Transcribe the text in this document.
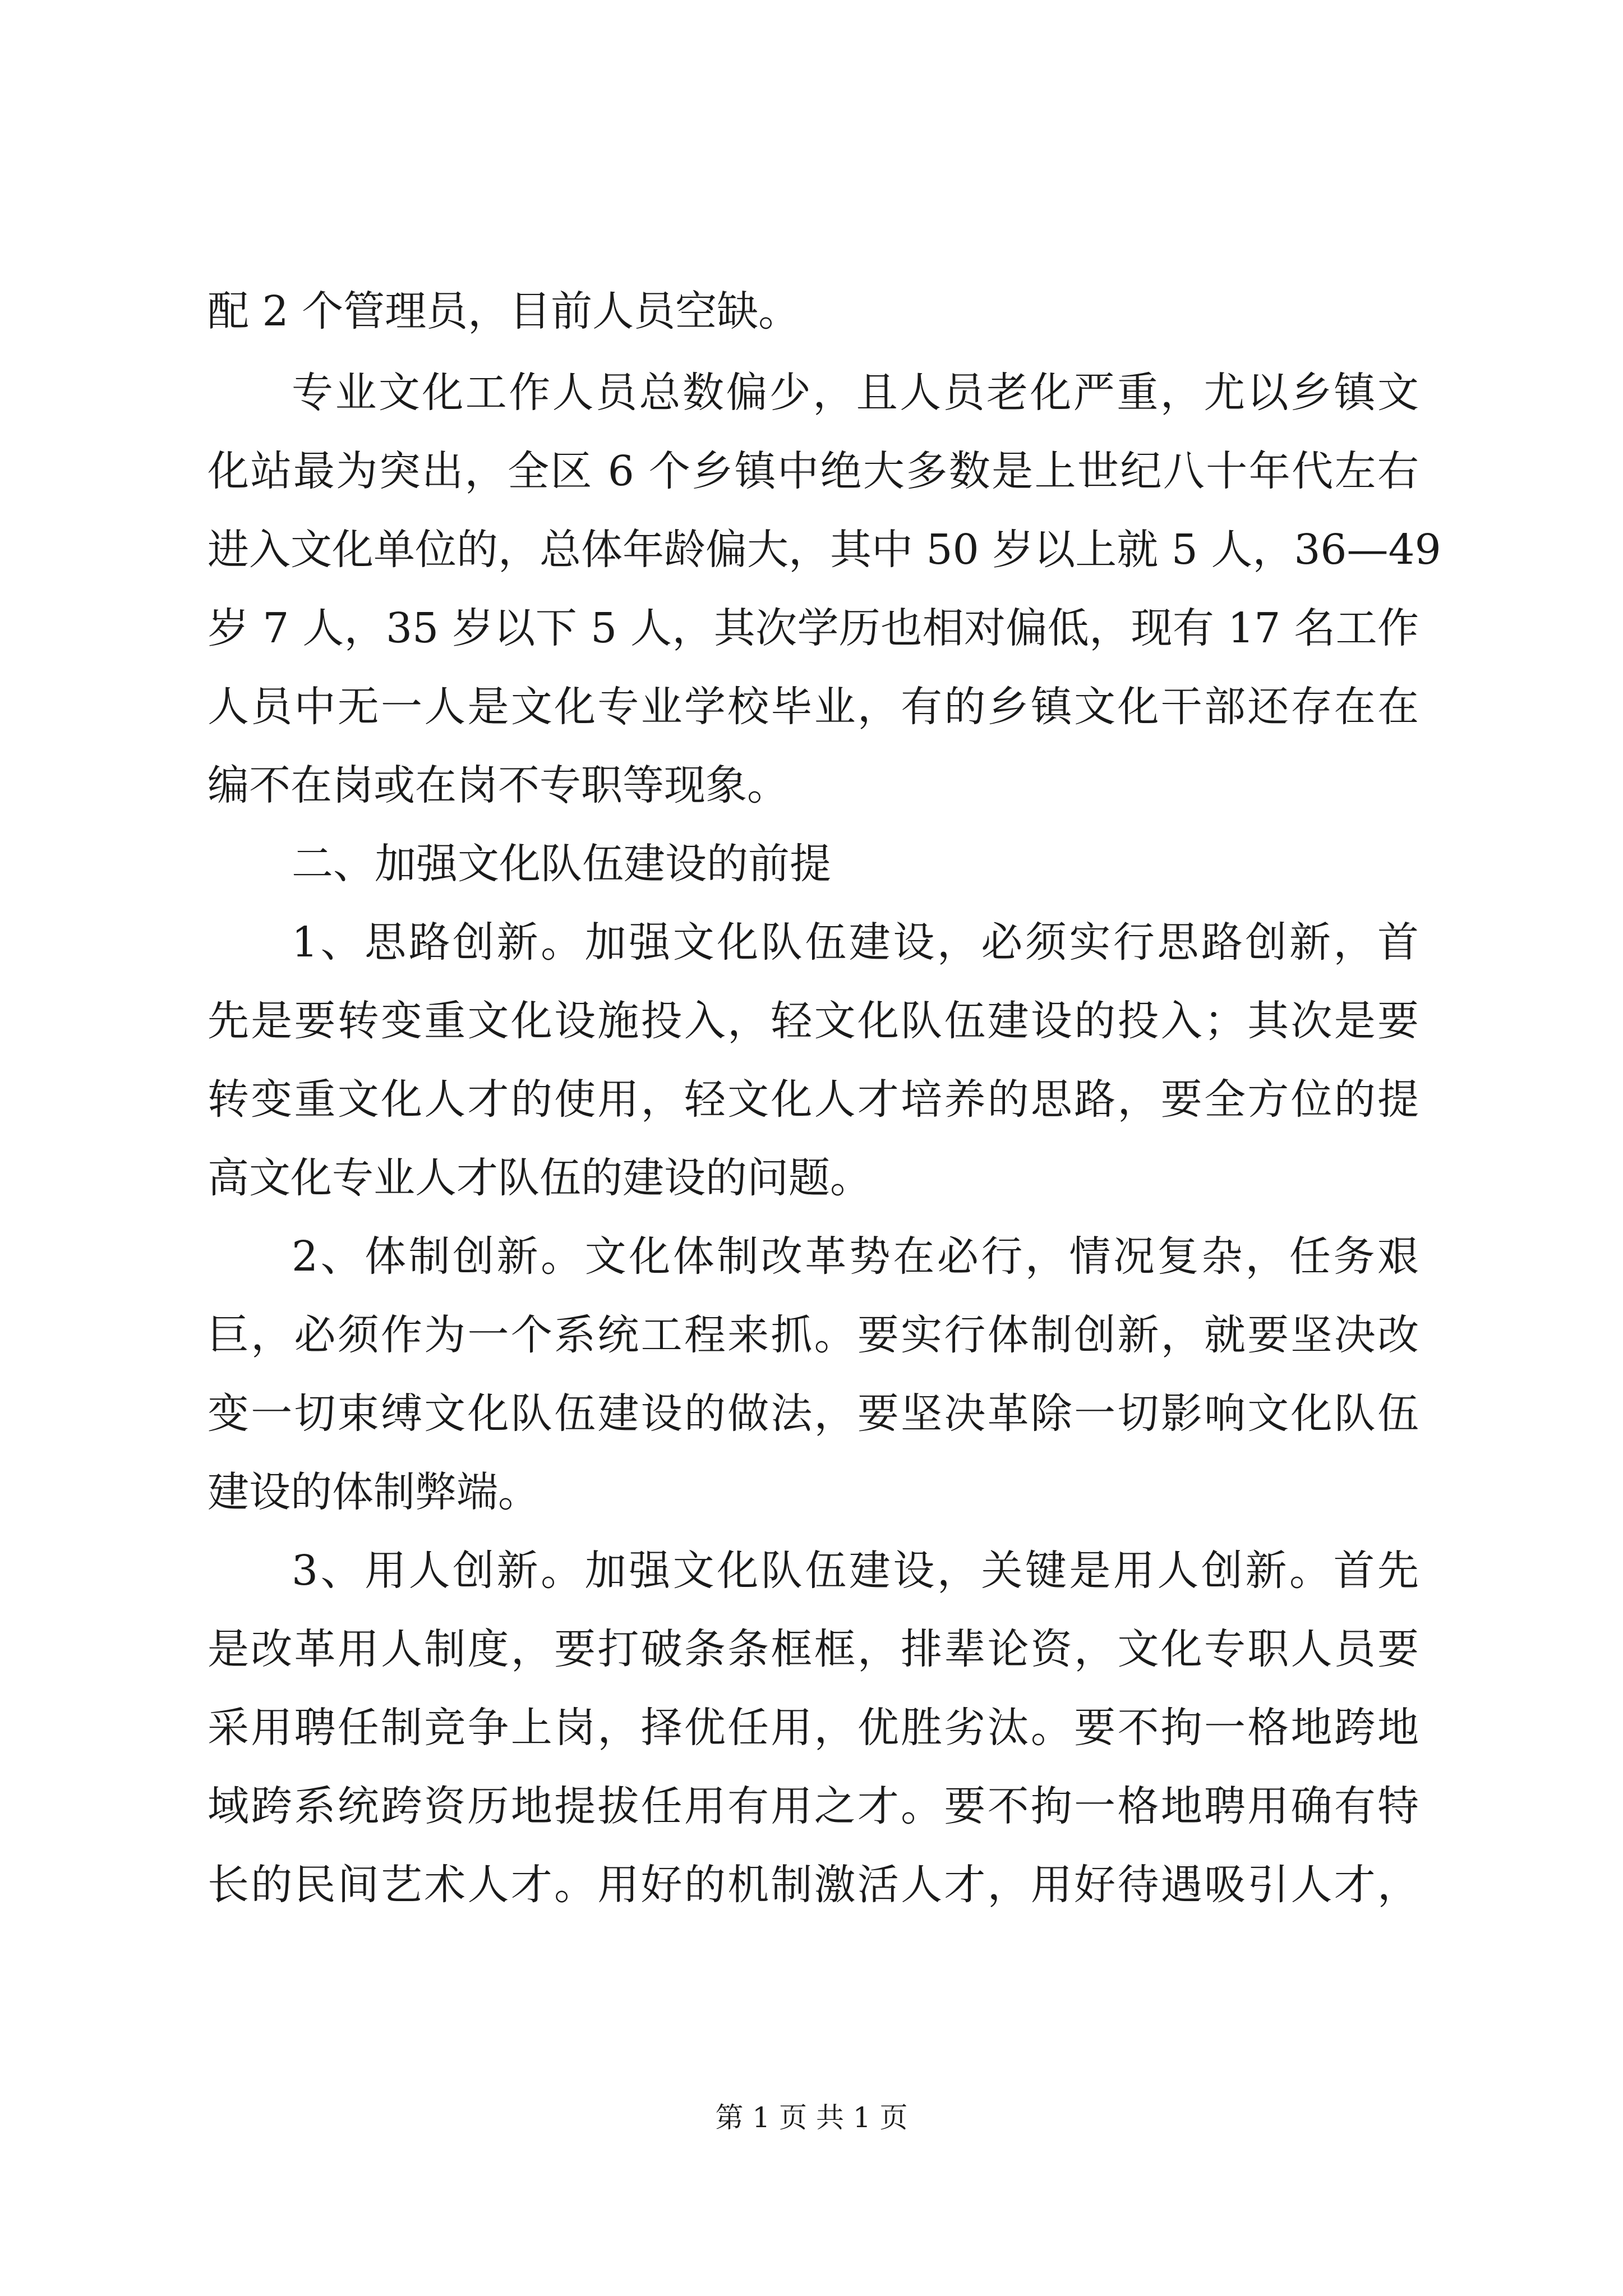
配 2 个管理员，目前人员空缺。
专业文化工作人员总数偏少，且人员老化严重，尤以乡镇文
化站最为突出，全区 6 个乡镇中绝大多数是上世纪八十年代左右
进入文化单位的，总体年龄偏大，其中 50 岁以上就 5 人，36—49
岁 7 人，35 岁以下 5 人，其次学历也相对偏低，现有 17 名工作
人员中无一人是文化专业学校毕业，有的乡镇文化干部还存在在
编不在岗或在岗不专职等现象。
二、加强文化队伍建设的前提
1、思路创新。加强文化队伍建设，必须实行思路创新，首
先是要转变重文化设施投入，轻文化队伍建设的投入；其次是要
转变重文化人才的使用，轻文化人才培养的思路，要全方位的提
高文化专业人才队伍的建设的问题。
2、体制创新。文化体制改革势在必行，情况复杂，任务艰
巨，必须作为一个系统工程来抓。要实行体制创新，就要坚决改
变一切束缚文化队伍建设的做法，要坚决革除一切影响文化队伍
建设的体制弊端。
3、用人创新。加强文化队伍建设，关键是用人创新。首先
是改革用人制度，要打破条条框框，排辈论资，文化专职人员要
采用聘任制竞争上岗，择优任用，优胜劣汰。要不拘一格地跨地
域跨系统跨资历地提拔任用有用之才。要不拘一格地聘用确有特
长的民间艺术人才。用好的机制激活人才，用好待遇吸引人才，
第 1 页 共 1 页
